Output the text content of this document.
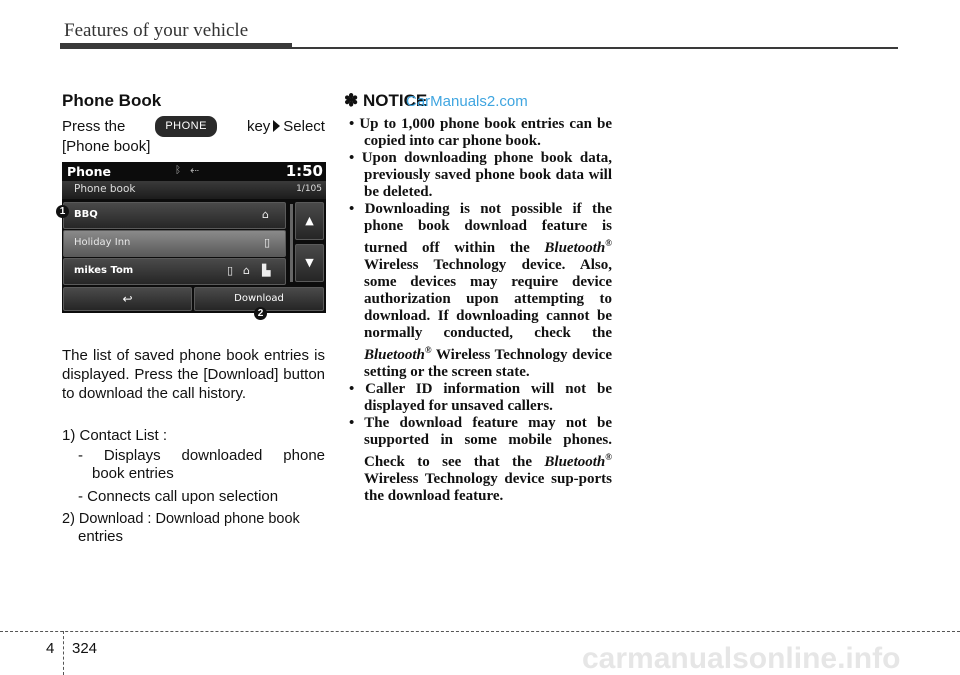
Features of your vehicle
Phone Book
Press the	PHONE	key Select
[Phone book]
Phone	ᛒ ⇠	1:50
Phone book	1/105
BBQ	⌂
Holiday Inn	▯
mikes Tom	▯ ⌂ ▙
▲
▼
↩	Download
1
2
The list of saved phone book entries is displayed. Press the [Download] button to download the call history.
1) Contact List :
- Displays downloaded phone
book entries
- Connects call upon selection
2) Download : Download phone book
entries
✽ NOTICE
CarManuals2.com
• Up to 1,000 phone book entries can be copied into car phone book.
• Upon downloading phone book data, previously saved phone book data will be deleted.
• Downloading is not possible if the phone book download feature is turned off within the Bluetooth® Wireless Technology device. Also, some devices may require device authorization upon attempting to download. If downloading cannot be normally conducted, check the Bluetooth® Wireless Technology device setting or the screen state.
• Caller ID information will not be displayed for unsaved callers.
• The download feature may not be supported in some mobile phones. Check to see that the Bluetooth® Wireless Technology device sup-ports the download feature.
4 324	carmanualsonline.info
